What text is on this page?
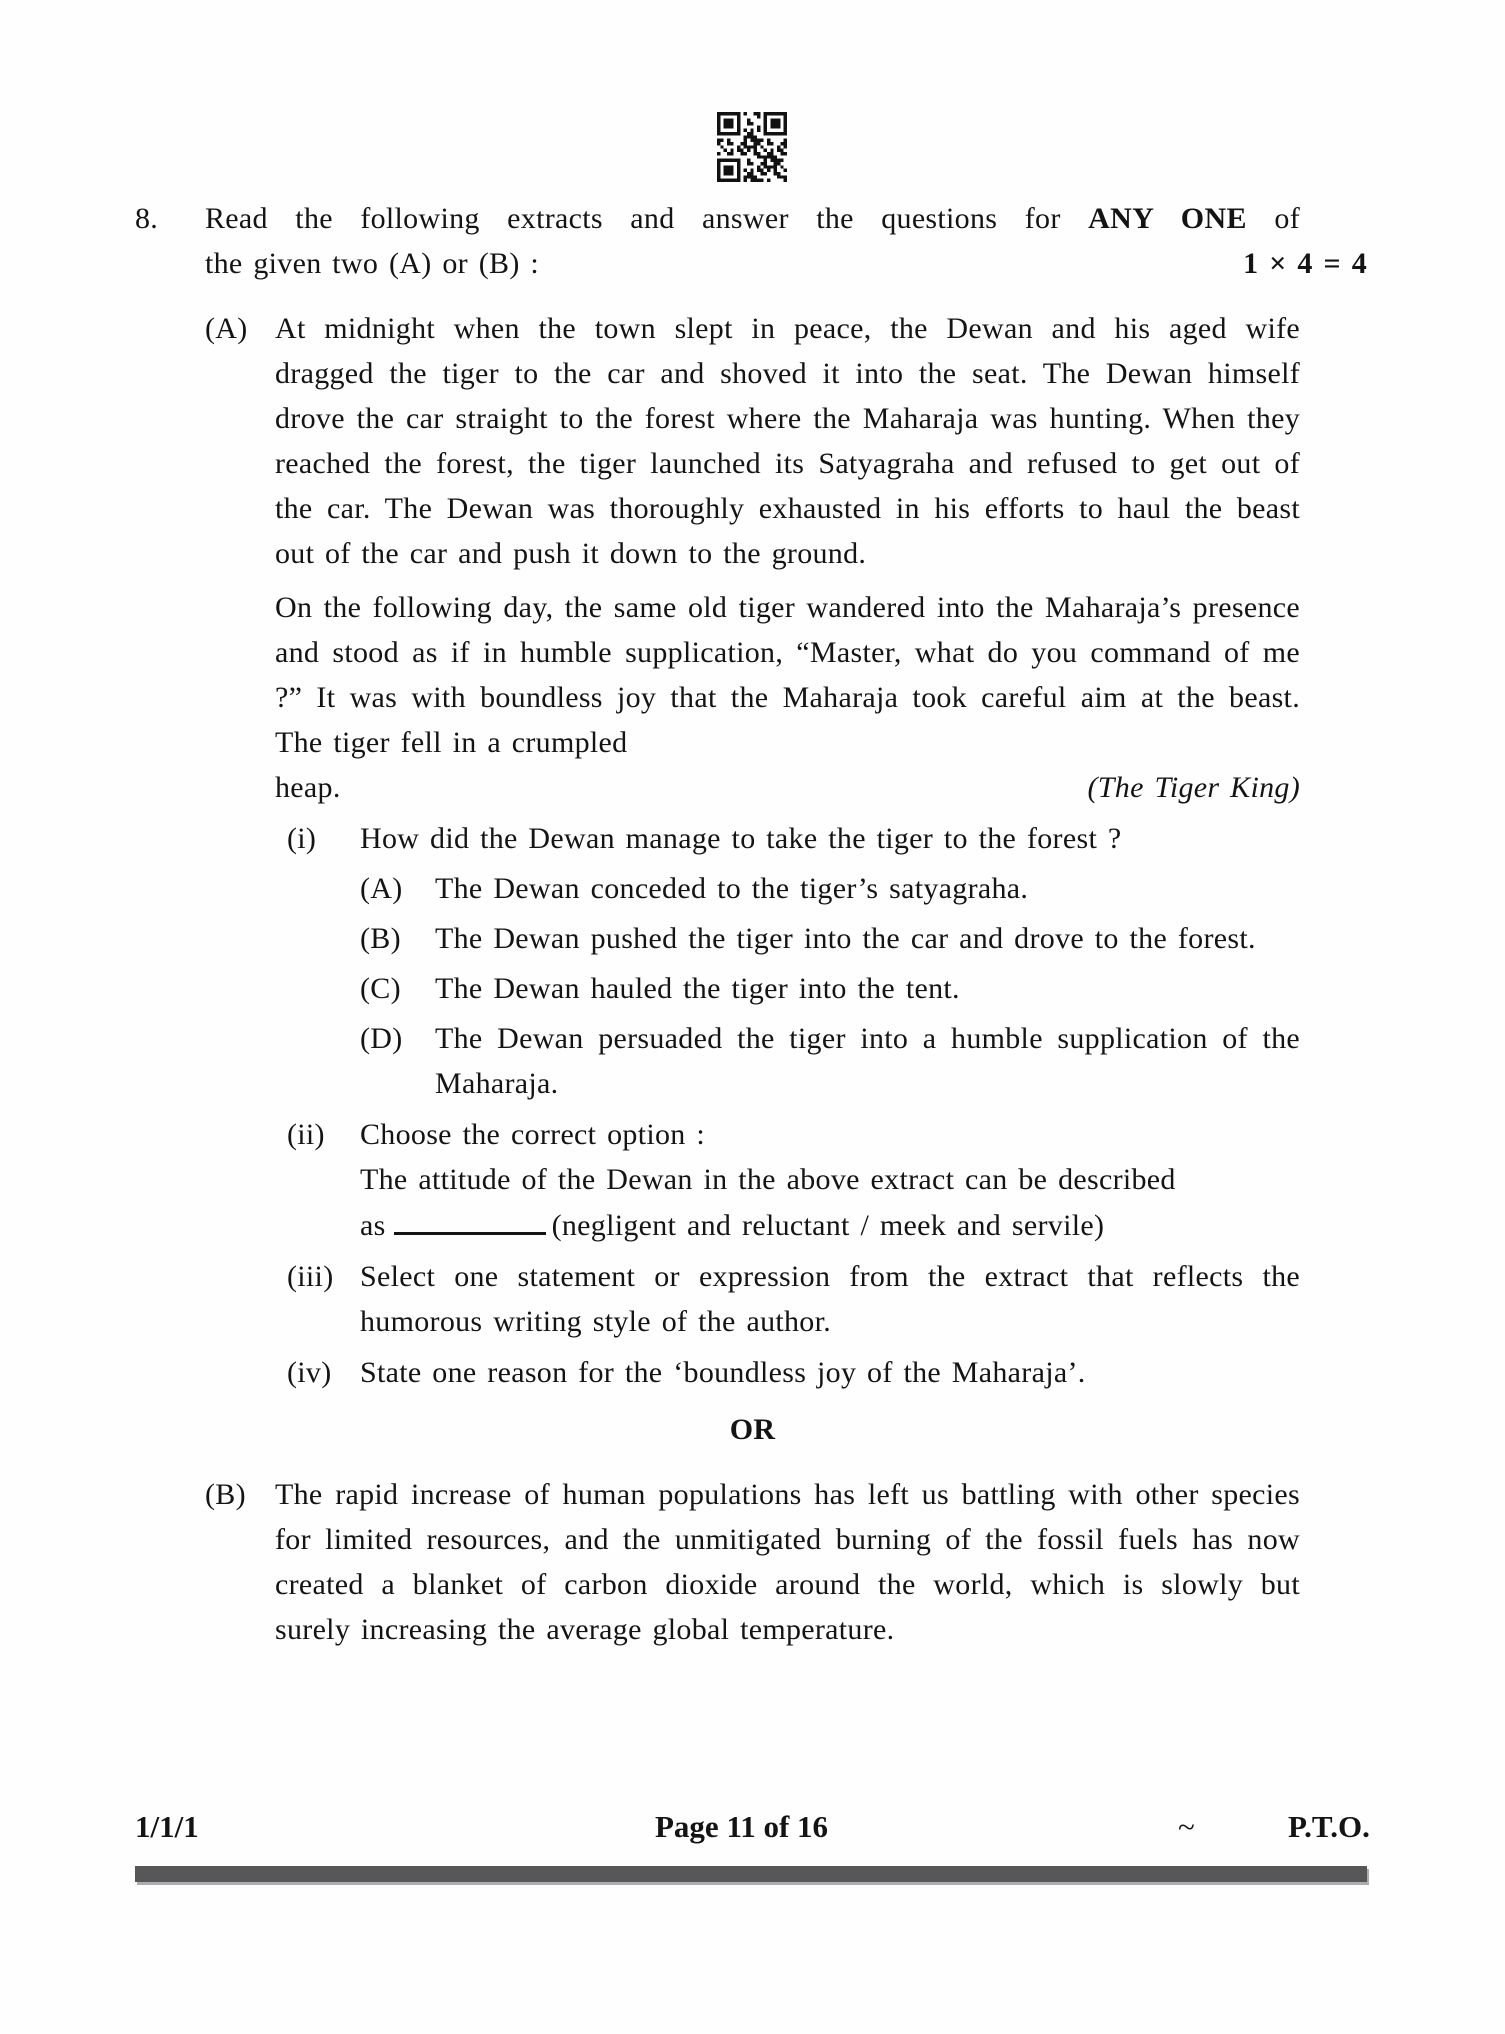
8.	Read the following extracts and answer the questions for ANY ONE of
the given two (A) or (B) :	1 × 4 = 4
(A) At midnight when the town slept in peace, the Dewan and his aged wife dragged the tiger to the car and shoved it into the seat. The Dewan himself drove the car straight to the forest where the Maharaja was hunting. When they reached the forest, the tiger launched its Satyagraha and refused to get out of the car. The Dewan was thoroughly exhausted in his efforts to haul the beast out of the car and push it down to the ground.
On the following day, the same old tiger wandered into the Maharaja’s presence and stood as if in humble supplication, “Master, what do you command of me ?” It was with boundless joy that the Maharaja took careful aim at the beast. The tiger fell in a crumpled
heap.	(The Tiger King)
(i)	How did the Dewan manage to take the tiger to the forest ?
(A)	The Dewan conceded to the tiger’s satyagraha.
(B)	The Dewan pushed the tiger into the car and drove to the forest.
(C)	The Dewan hauled the tiger into the tent.
(D)	The Dewan persuaded the tiger into a humble supplication of the Maharaja.
(ii)	Choose the correct option :
The attitude of the Dewan in the above extract can be described
as	(negligent and reluctant / meek and servile)
(iii) Select one statement or expression from the extract that reflects the humorous writing style of the author.
(iv) State one reason for the ‘boundless joy of the Maharaja’.
OR
(B) The rapid increase of human populations has left us battling with other species for limited resources, and the unmitigated burning of the fossil fuels has now created a blanket of carbon dioxide around the world, which is slowly but surely increasing the average global temperature.
1/1/1	Page 11 of 16	~	P.T.O.
